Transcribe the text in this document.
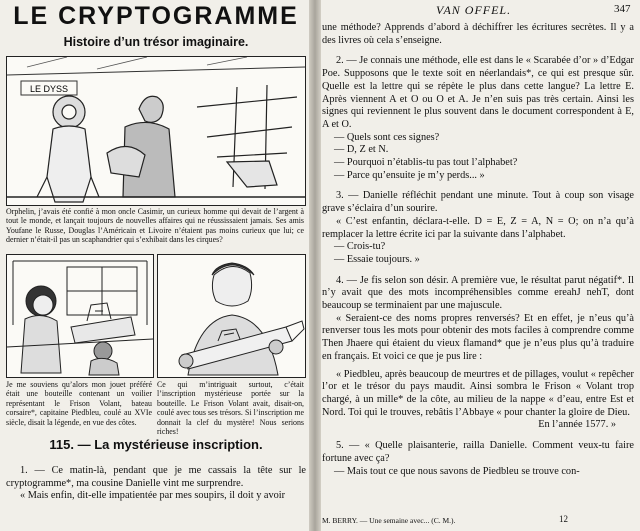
LE CRYPTOGRAMME
Histoire d’un trésor imaginaire.
LE DYSS
Orphelin, j’avais été confié à mon oncle Casimir, un curieux homme qui devait de l’argent à tout le monde, et lançait toujours de nouvelles affaires qui ne réussissaient jamais. Ses amis Youfane le Russe, Douglas l’Américain et Livoire n’étaient pas moins curieux que lui; ce dernier n’était-il pas un scaphandrier qui s’exhibait dans les cirques?
Je me souviens qu’alors mon jouet préféré était une bouteille contenant un voilier représentant le Frison Volant, bateau corsaire*, capitaine Piedbleu, coulé au XVIe siècle, disait la légende, en vue des côtes.
Ce qui m’intriguait surtout, c’était l’inscription mystérieuse portée sur la bouteille. Le Frison Volant avait, disait-on, coulé avec tous ses trésors. Si l’inscription me donnait la clef du mystère! Nous serions riches!
115. — La mystérieuse inscription.
1. — Ce matin-là, pendant que je me cassais la tête sur le cryptogramme*, ma cousine Danielle vint me surprendre.
« Mais enfin, dit-elle impatientée par mes soupirs, il doit y avoir
VAN OFFEL.	347

une méthode? Apprends d’abord à déchiffrer les écritures secrètes. Il y a des livres où cela s’enseigne.

2. — Je connais une méthode, elle est dans le « Scarabée d’or » d’Edgar Poe. Supposons que le texte soit en néerlandais*, ce qui est presque sûr. Quelle est la lettre qui se répète le plus dans cette langue? La lettre E. Après viennent A et O ou O et A. Je n’en suis pas très certain. Ainsi les signes qui reviennent le plus souvent dans le document correspondent à E, A et O.

— Quels sont ces signes?

— D, Z et N.

— Pourquoi n’établis-tu pas tout l’alphabet?

— Parce qu’ensuite je m’y perds... »

3. — Danielle réfléchit pendant une minute. Tout à coup son visage grave s’éclaira d’un sourire.

« C’est enfantin, déclara-t-elle. D = E, Z = A, N = O; on n’a qu’à remplacer la lettre écrite ici par la suivante dans l’alphabet.

— Crois-tu?

— Essaie toujours. »

4. — Je fis selon son désir. A première vue, le résultat parut négatif*. Il n’y avait que des mots incompréhensibles comme ereahJ nehT, dont beaucoup se terminaient par une majuscule.

« Seraient-ce des noms propres renversés? Et en effet, je n’eus qu’à renverser tous les mots pour obtenir des mots faciles à comprendre comme Then Jhaere qui étaient du vieux flamand* que je n’eus plus qu’à traduire en français. Et voici ce que je pus lire :

« Piedbleu, après beaucoup de meurtres et de pillages, voulut « repêcher l’or et le trésor du pays maudit. Ainsi sombra le Frison « Volant trop chargé, à un mille* de la côte, au milieu de la nappe « d’eau, entre Est et Nord. Toi qui le trouves, rebâtis l’Abbaye « pour chanter la gloire de Dieu.

En l’année 1577. »

5. — « Quelle plaisanterie, railla Danielle. Comment veux-tu faire fortune avec ça?

— Mais tout ce que nous savons de Piedbleu se trouve con-

M. BERRY. — Une semaine avec... (C. M.).	12
